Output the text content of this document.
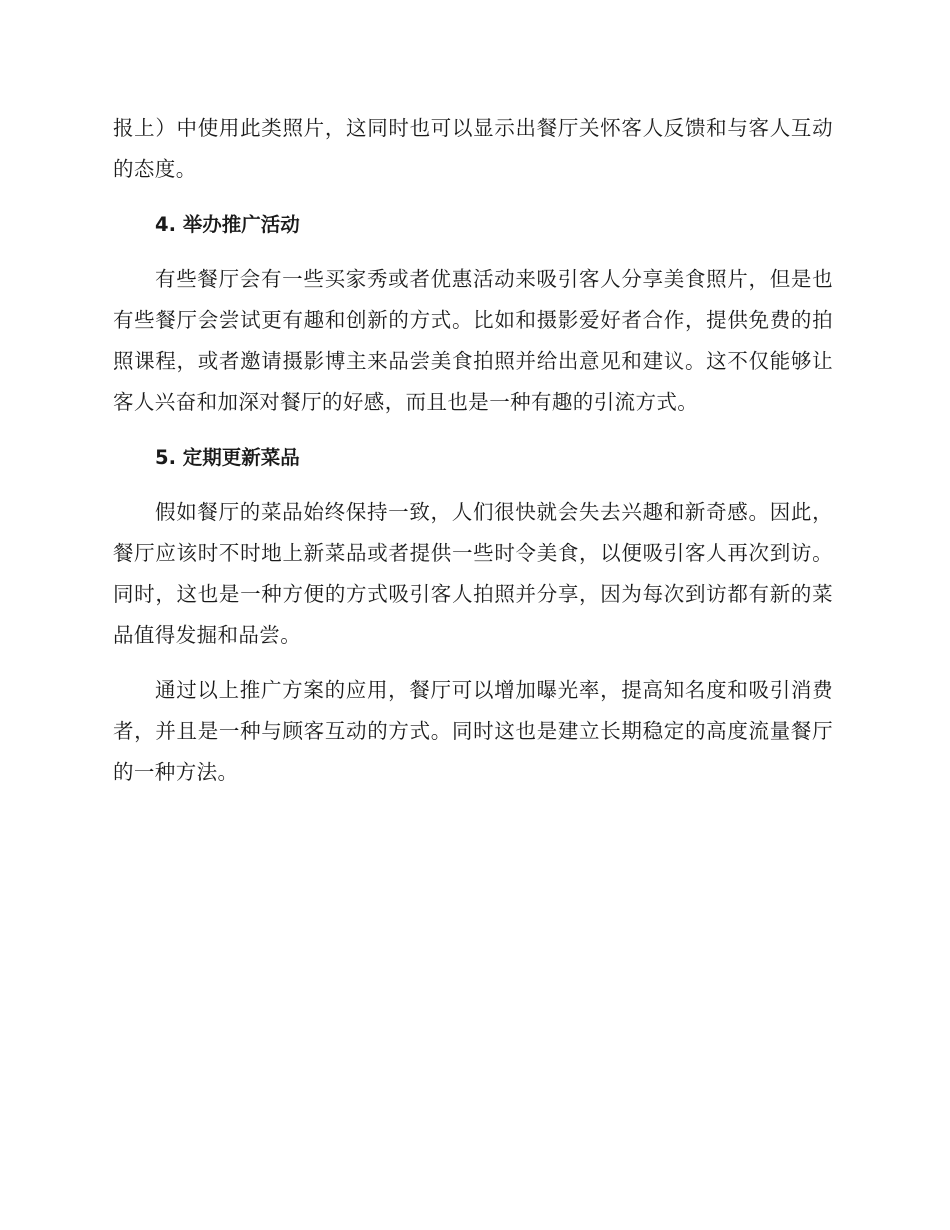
报上）中使用此类照片，这同时也可以显示出餐厅关怀客人反馈和与客人互动的态度。

4. 举办推广活动

有些餐厅会有一些买家秀或者优惠活动来吸引客人分享美食照片，但是也有些餐厅会尝试更有趣和创新的方式。比如和摄影爱好者合作，提供免费的拍照课程，或者邀请摄影博主来品尝美食拍照并给出意见和建议。这不仅能够让客人兴奋和加深对餐厅的好感，而且也是一种有趣的引流方式。

5. 定期更新菜品

假如餐厅的菜品始终保持一致，人们很快就会失去兴趣和新奇感。因此，餐厅应该时不时地上新菜品或者提供一些时令美食，以便吸引客人再次到访。同时，这也是一种方便的方式吸引客人拍照并分享，因为每次到访都有新的菜品值得发掘和品尝。

通过以上推广方案的应用，餐厅可以增加曝光率，提高知名度和吸引消费者，并且是一种与顾客互动的方式。同时这也是建立长期稳定的高度流量餐厅的一种方法。
